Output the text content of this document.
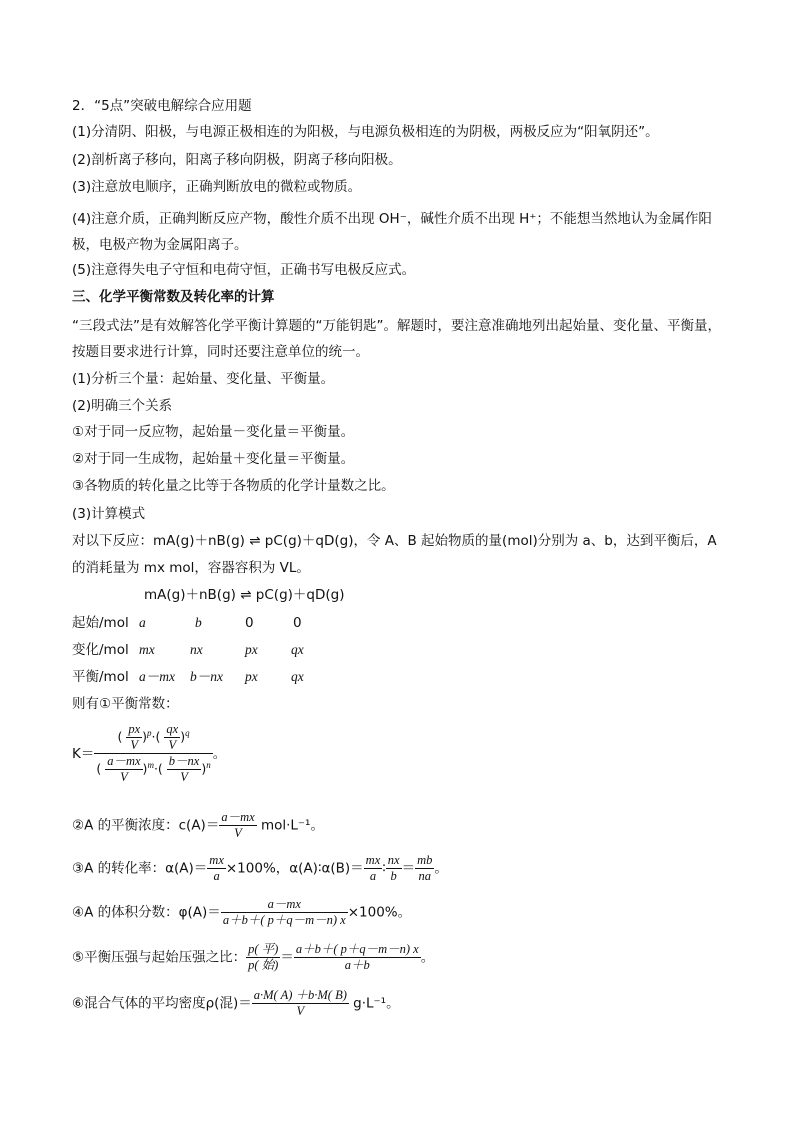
2．“5点”突破电解综合应用题
(1)分清阴、阳极，与电源正极相连的为阳极，与电源负极相连的为阴极，两极反应为“阳氧阴还”。
(2)剖析离子移向，阳离子移向阴极，阴离子移向阳极。
(3)注意放电顺序，正确判断放电的微粒或物质。
(4)注意介质，正确判断反应产物，酸性介质不出现 OH⁻，碱性介质不出现 H⁺；不能想当然地认为金属作阳极，电极产物为金属阳离子。
(5)注意得失电子守恒和电荷守恒，正确书写电极反应式。
三、化学平衡常数及转化率的计算
“三段式法”是有效解答化学平衡计算题的“万能钥匙”。解题时，要注意准确地列出起始量、变化量、平衡量，按题目要求进行计算，同时还要注意单位的统一。
(1)分析三个量：起始量、变化量、平衡量。
(2)明确三个关系
①对于同一反应物，起始量－变化量＝平衡量。
②对于同一生成物，起始量＋变化量＝平衡量。
③各物质的转化量之比等于各物质的化学计量数之比。
(3)计算模式
对以下反应：mA(g)＋nB(g) ⇌ pC(g)＋qD(g)，令 A、B 起始物质的量(mol)分别为 a、b，达到平衡后，A
的消耗量为 mx mol，容器容积为 VL。
mA(g)＋nB(g) ⇌ pC(g)＋qD(g)
起始/mol a	b	0	0
变化/mol mx	nx	px qx
平衡/mol a－mx b－nx px qx
则有①平衡常数：
$K= \frac{( \frac{px}{V} )^p\cdot( \frac{qx}{V} )^q}{( \frac{a-mx}{V} )^m\cdot( \frac{b-nx}{V} )^n}$ 。
②A 的平衡浓度：$c(A)= \frac{a-mx}{V} mol\cdot L^{-1}$。
③A 的转化率：$\alpha(A)= \frac{mx}{a} \times 100\%$，α(A)∶α(B)＝ $\frac{mx}{a}$ ∶ $\frac{nx}{b} = \frac{mb}{na}$ 。
④A 的体积分数：$\varphi(A)= \frac{a-mx}{a+b+( p+q-m-n) x} \times 100\%$。
⑤平衡压强与起始压强之比： $\frac{\text{p( 平)}}{\text{p( 始)}} = \frac{a+b+( p+q-m-n) x}{a+b}$ 。
⑥混合气体的平均密度ρ(混)＝ $\frac{a\cdot M( A) +b\cdot M( B)}{V} g\cdot L^{-1}$。
